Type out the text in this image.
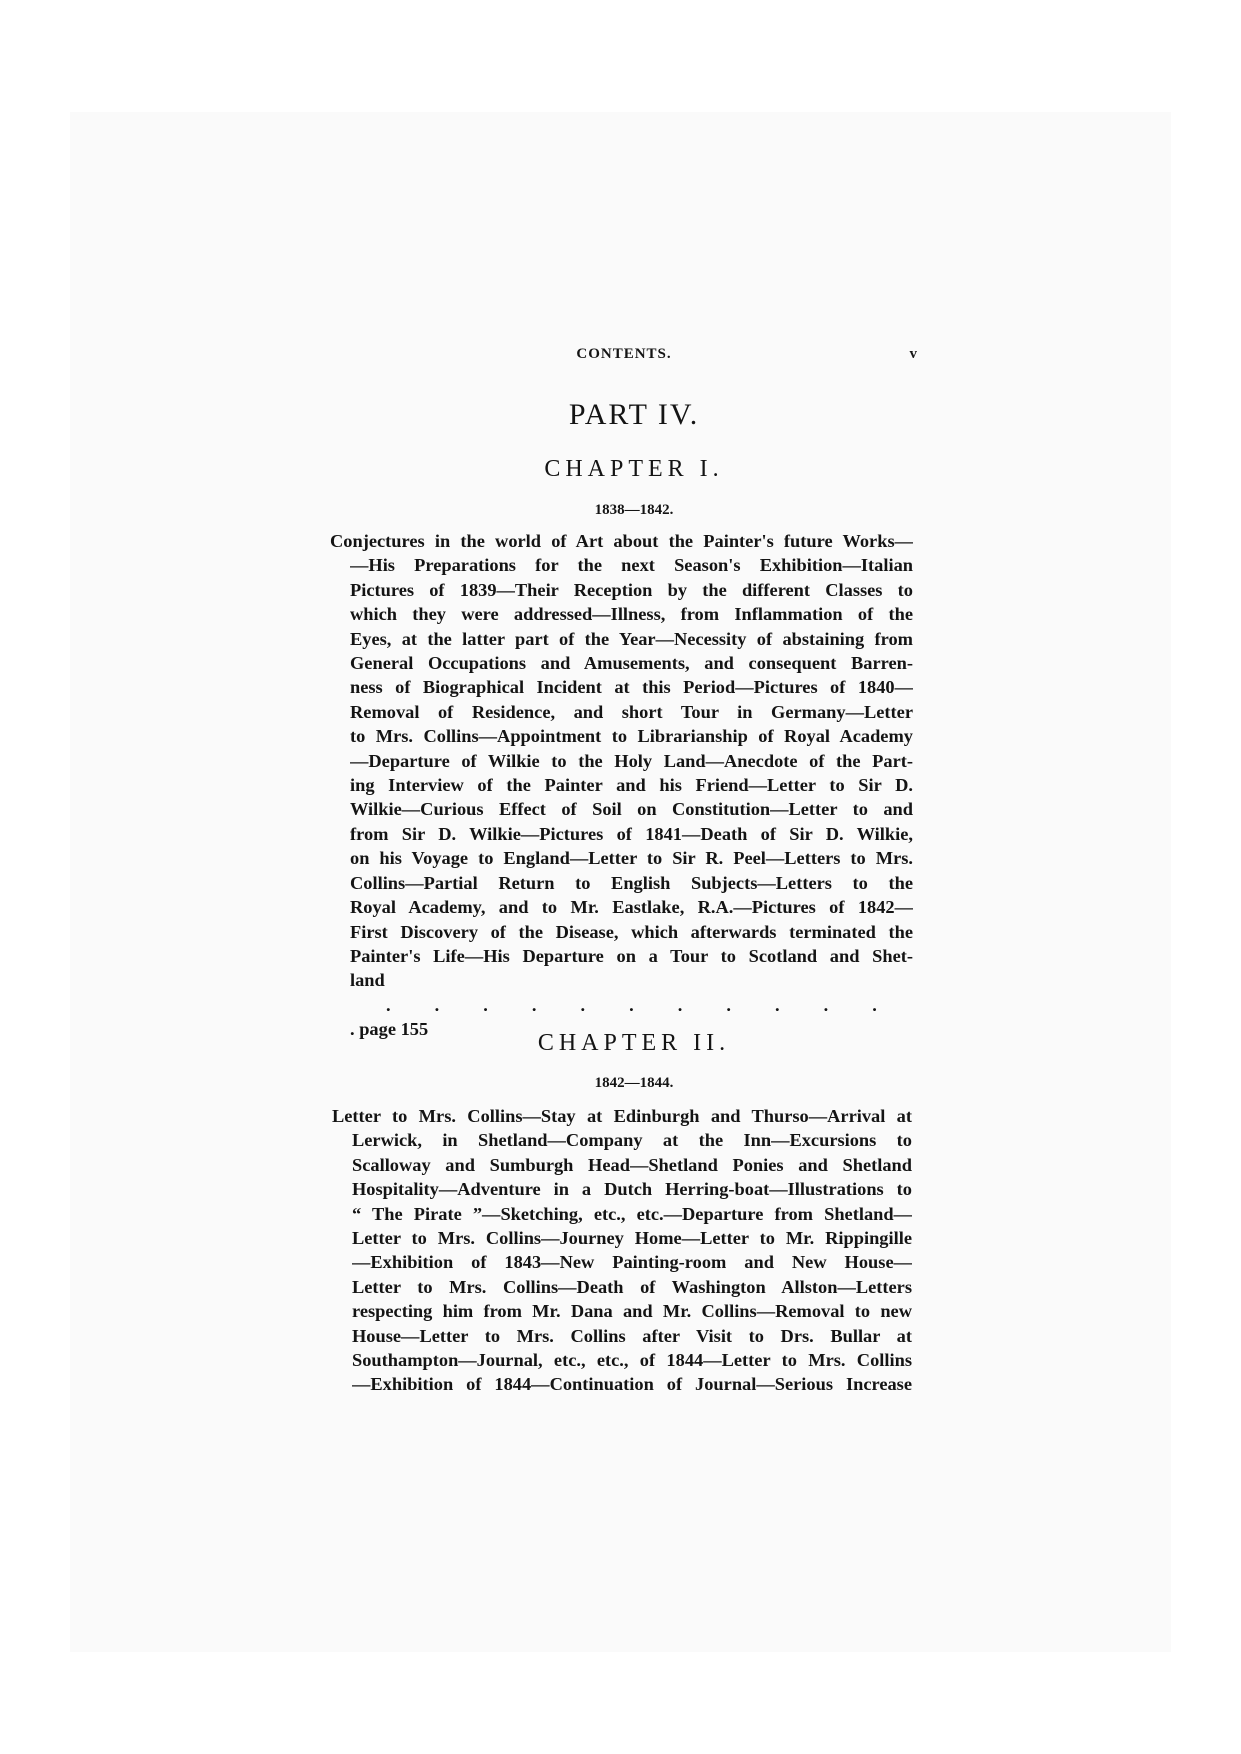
CONTENTS.	v
PART IV.
CHAPTER I.
1838—1842.
Conjectures in the world of Art about the Painter's future Works—
—His Preparations for the next Season's Exhibition—Italian
Pictures of 1839—Their Reception by the different Classes to
which they were addressed—Illness, from Inflammation of the
Eyes, at the latter part of the Year—Necessity of abstaining from
General Occupations and Amusements, and consequent Barren-
ness of Biographical Incident at this Period—Pictures of 1840—
Removal of Residence, and short Tour in Germany—Letter
to Mrs. Collins—Appointment to Librarianship of Royal Academy
—Departure of Wilkie to the Holy Land—Anecdote of the Part-
ing Interview of the Painter and his Friend—Letter to Sir D.
Wilkie—Curious Effect of Soil on Constitution—Letter to and
from Sir D. Wilkie—Pictures of 1841—Death of Sir D. Wilkie,
on his Voyage to England—Letter to Sir R. Peel—Letters to Mrs.
Collins—Partial Return to English Subjects—Letters to the
Royal Academy, and to Mr. Eastlake, R.A.—Pictures of 1842—
First Discovery of the Disease, which afterwards terminated the
Painter's Life—His Departure on a Tour to Scotland and Shet-
land
. . . . . . . . . . .
. page 155
CHAPTER II.
1842—1844.
Letter to Mrs. Collins—Stay at Edinburgh and Thurso—Arrival at
Lerwick, in Shetland—Company at the Inn—Excursions to
Scalloway and Sumburgh Head—Shetland Ponies and Shetland
Hospitality—Adventure in a Dutch Herring-boat—Illustrations to
“ The Pirate ”—Sketching, etc., etc.—Departure from Shetland—
Letter to Mrs. Collins—Journey Home—Letter to Mr. Rippingille
—Exhibition of 1843—New Painting-room and New House—
Letter to Mrs. Collins—Death of Washington Allston—Letters
respecting him from Mr. Dana and Mr. Collins—Removal to new
House—Letter to Mrs. Collins after Visit to Drs. Bullar at
Southampton—Journal, etc., etc., of 1844—Letter to Mrs. Collins
—Exhibition of 1844—Continuation of Journal—Serious Increase
